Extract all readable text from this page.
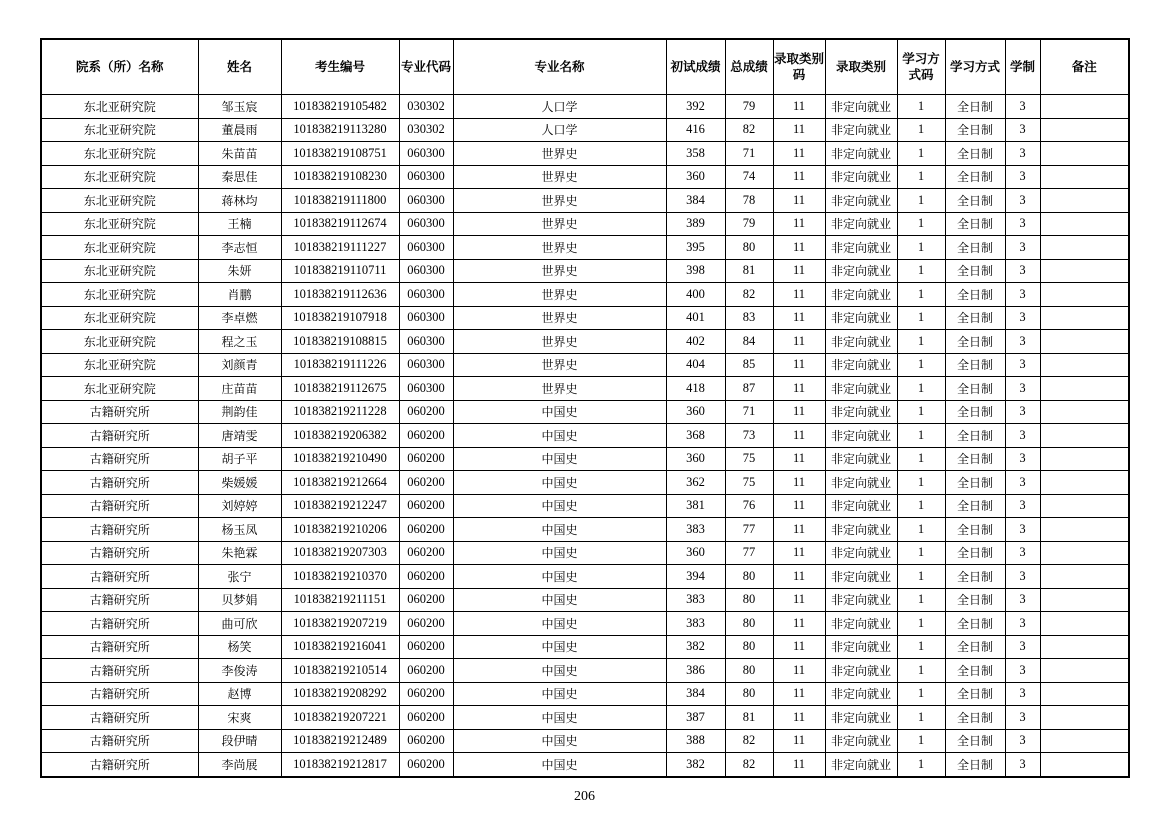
院系（所）名称	姓名	考生编号	专业代码	专业名称	初试成绩	总成绩	录取类别码	录取类别	学习方式码	学习方式	学制	备注
东北亚研究院	邹玉宸	101838219105482	030302	人口学	392	79	11	非定向就业	1	全日制	3	
东北亚研究院	董晨雨	101838219113280	030302	人口学	416	82	11	非定向就业	1	全日制	3	
东北亚研究院	朱苗苗	101838219108751	060300	世界史	358	71	11	非定向就业	1	全日制	3	
东北亚研究院	秦思佳	101838219108230	060300	世界史	360	74	11	非定向就业	1	全日制	3	
东北亚研究院	蒋林均	101838219111800	060300	世界史	384	78	11	非定向就业	1	全日制	3	
东北亚研究院	王楠	101838219112674	060300	世界史	389	79	11	非定向就业	1	全日制	3	
东北亚研究院	李志恒	101838219111227	060300	世界史	395	80	11	非定向就业	1	全日制	3	
东北亚研究院	朱妍	101838219110711	060300	世界史	398	81	11	非定向就业	1	全日制	3	
东北亚研究院	肖鹏	101838219112636	060300	世界史	400	82	11	非定向就业	1	全日制	3	
东北亚研究院	李卓燃	101838219107918	060300	世界史	401	83	11	非定向就业	1	全日制	3	
东北亚研究院	程之玉	101838219108815	060300	世界史	402	84	11	非定向就业	1	全日制	3	
东北亚研究院	刘颜青	101838219111226	060300	世界史	404	85	11	非定向就业	1	全日制	3	
东北亚研究院	庄苗苗	101838219112675	060300	世界史	418	87	11	非定向就业	1	全日制	3	
古籍研究所	荆韵佳	101838219211228	060200	中国史	360	71	11	非定向就业	1	全日制	3	
古籍研究所	唐靖雯	101838219206382	060200	中国史	368	73	11	非定向就业	1	全日制	3	
古籍研究所	胡子平	101838219210490	060200	中国史	360	75	11	非定向就业	1	全日制	3	
古籍研究所	柴媛媛	101838219212664	060200	中国史	362	75	11	非定向就业	1	全日制	3	
古籍研究所	刘婷婷	101838219212247	060200	中国史	381	76	11	非定向就业	1	全日制	3	
古籍研究所	杨玉凤	101838219210206	060200	中国史	383	77	11	非定向就业	1	全日制	3	
古籍研究所	朱艳霖	101838219207303	060200	中国史	360	77	11	非定向就业	1	全日制	3	
古籍研究所	张宁	101838219210370	060200	中国史	394	80	11	非定向就业	1	全日制	3	
古籍研究所	贝梦娟	101838219211151	060200	中国史	383	80	11	非定向就业	1	全日制	3	
古籍研究所	曲可欣	101838219207219	060200	中国史	383	80	11	非定向就业	1	全日制	3	
古籍研究所	杨笑	101838219216041	060200	中国史	382	80	11	非定向就业	1	全日制	3	
古籍研究所	李俊涛	101838219210514	060200	中国史	386	80	11	非定向就业	1	全日制	3	
古籍研究所	赵博	101838219208292	060200	中国史	384	80	11	非定向就业	1	全日制	3	
古籍研究所	宋爽	101838219207221	060200	中国史	387	81	11	非定向就业	1	全日制	3	
古籍研究所	段伊晴	101838219212489	060200	中国史	388	82	11	非定向就业	1	全日制	3	
古籍研究所	李尚展	101838219212817	060200	中国史	382	82	11	非定向就业	1	全日制	3	
206
